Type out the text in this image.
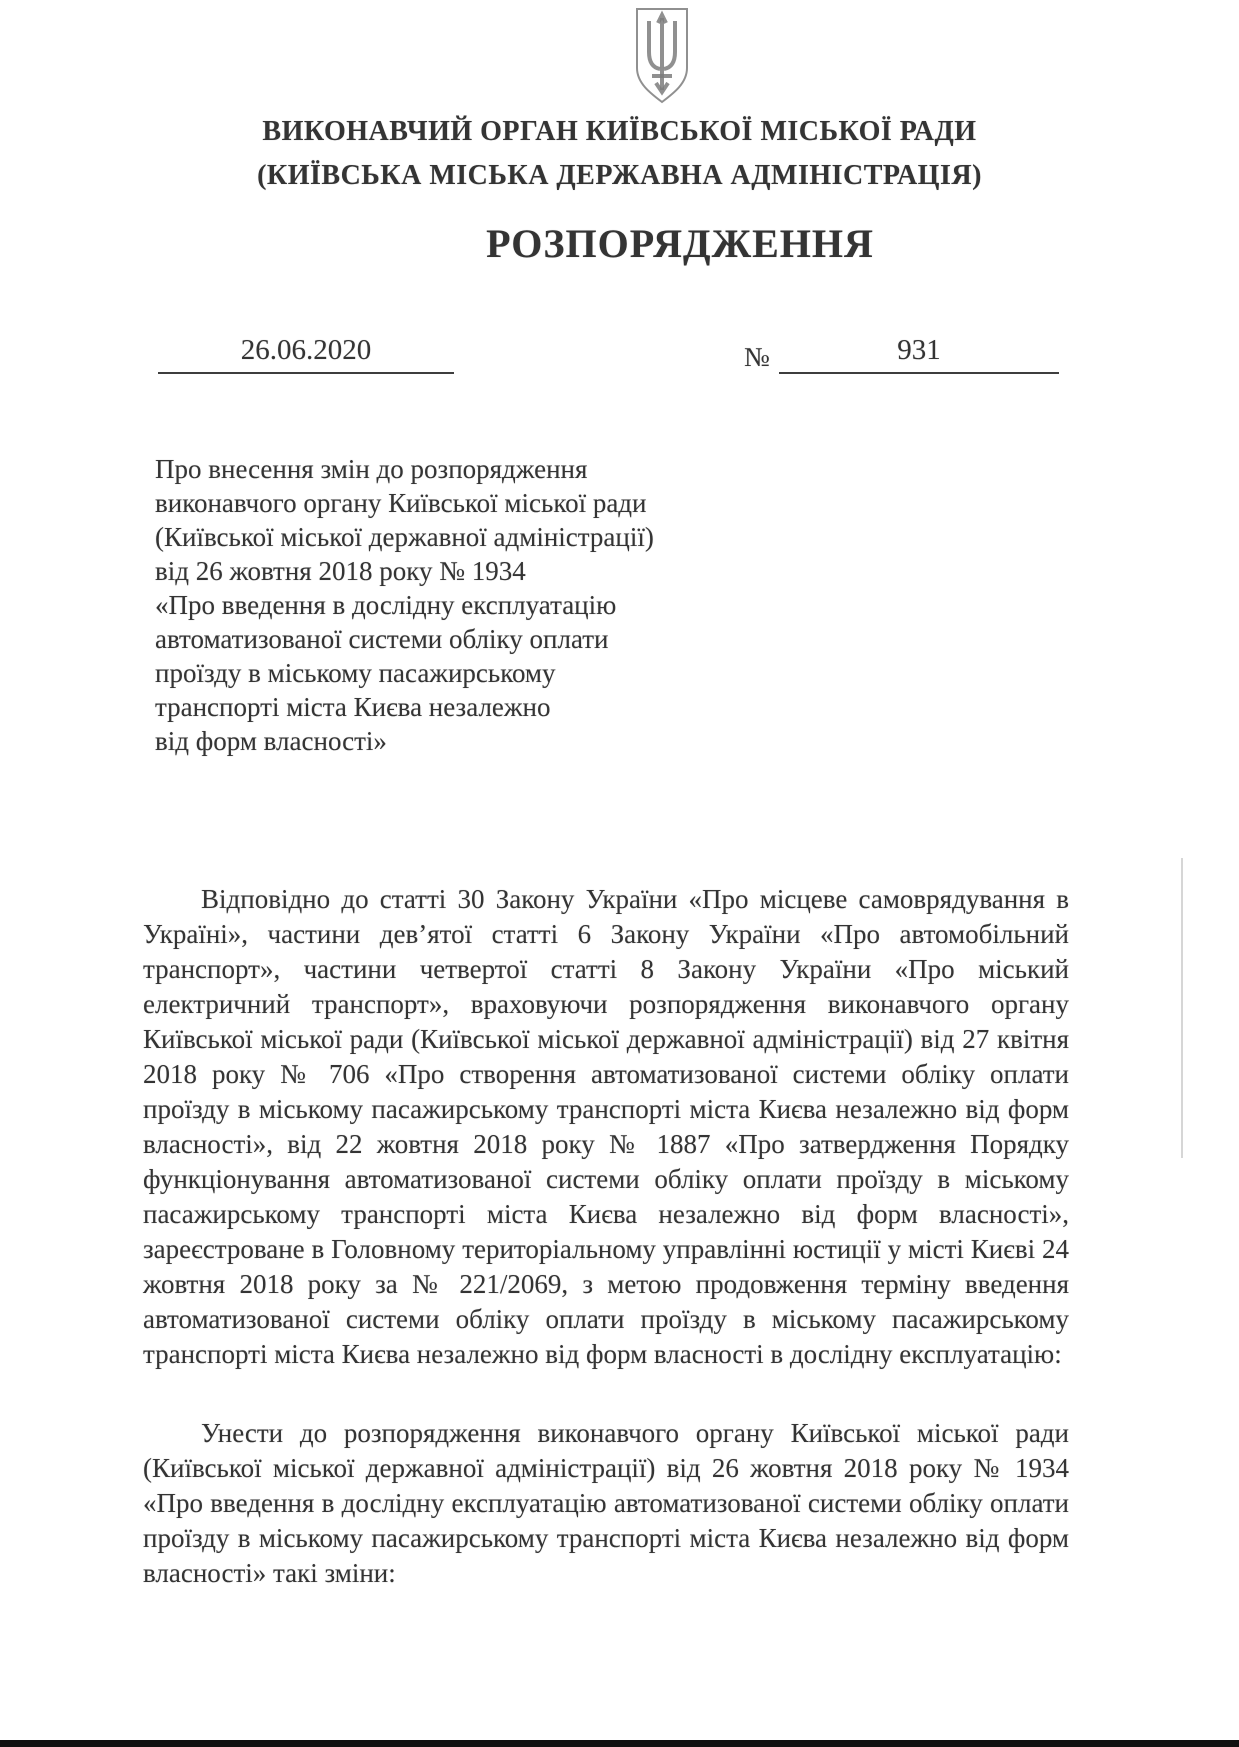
ВИКОНАВЧИЙ ОРГАН КИЇВСЬКОЇ МІСЬКОЇ РАДИ
(КИЇВСЬКА МІСЬКА ДЕРЖАВНА АДМІНІСТРАЦІЯ)
РОЗПОРЯДЖЕННЯ
26.06.2020	№	931
Про внесення змін до розпорядження
виконавчого органу Київської міської ради
(Київської міської державної адміністрації)
від 26 жовтня 2018 року № 1934
«Про введення в дослідну експлуатацію
автоматизованої системи обліку оплати
проїзду в міському пасажирському
транспорті міста Києва незалежно
від форм власності»

Відповідно до статті 30 Закону України «Про місцеве самоврядування в Україні», частини дев’ятої статті 6 Закону України «Про автомобільний транспорт», частини четвертої статті 8 Закону України «Про міський електричний транспорт», враховуючи розпорядження виконавчого органу Київської міської ради (Київської міської державної адміністрації) від 27 квітня 2018 року № 706 «Про створення автоматизованої системи обліку оплати проїзду в міському пасажирському транспорті міста Києва незалежно від форм власності», від 22 жовтня 2018 року № 1887 «Про затвердження Порядку функціонування автоматизованої системи обліку оплати проїзду в міському пасажирському транспорті міста Києва незалежно від форм власності», зареєстроване в Головному територіальному управлінні юстиції у місті Києві 24 жовтня 2018 року за № 221/2069, з метою продовження терміну введення автоматизованої системи обліку оплати проїзду в міському пасажирському транспорті міста Києва незалежно від форм власності в дослідну експлуатацію:

Унести до розпорядження виконавчого органу Київської міської ради (Київської міської державної адміністрації) від 26 жовтня 2018 року № 1934 «Про введення в дослідну експлуатацію автоматизованої системи обліку оплати проїзду в міському пасажирському транспорті міста Києва незалежно від форм власності» такі зміни:
